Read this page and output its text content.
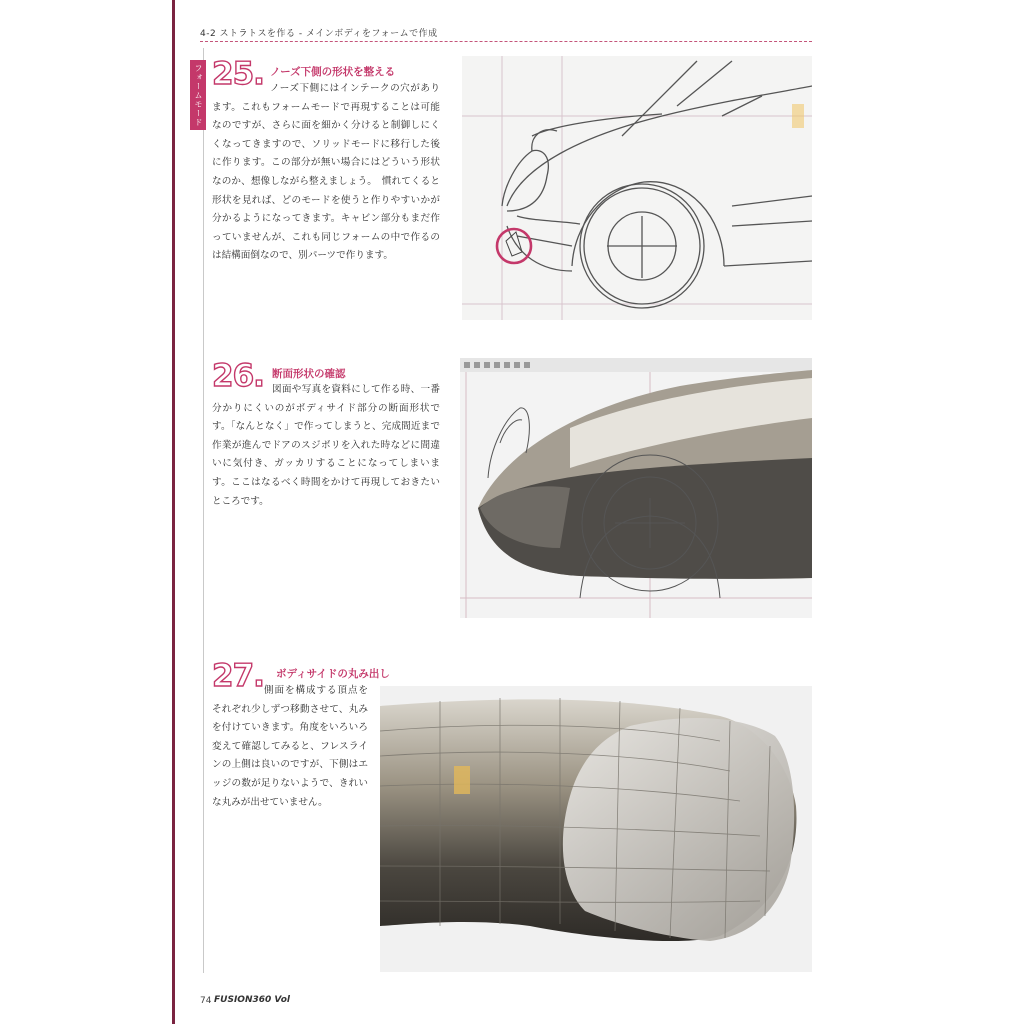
4-2 ストラトスを作る - メインボディをフォームで作成
フォームモード 25. ノーズ下側の形状を整える
ノーズ下側にはインテークの穴があります。これもフォームモードで再現することは可能なのですが、さらに面を細かく分けると制御しにくくなってきますので、ソリッドモードに移行した後に作ります。この部分が無い場合にはどういう形状なのか、想像しながら整えましょう。　慣れてくると形状を見れば、どのモードを使うと作りやすいかが分かるようになってきます。キャビン部分もまだ作っていませんが、これも同じフォームの中で作るのは結構面倒なので、別パーツで作ります。
26. 断面形状の確認
図面や写真を資料にして作る時、一番分かりにくいのがボディサイド部分の断面形状です。「なんとなく」で作ってしまうと、完成間近まで作業が進んでドアのスジボリを入れた時などに間違いに気付き、ガッカリすることになってしまいます。ここはなるべく時間をかけて再現しておきたいところです。
27. ボディサイドの丸み出し
側面を構成する頂点をそれぞれ少しずつ移動させて、丸みを付けていきます。角度をいろいろ変えて確認してみると、フレスラインの上側は良いのですが、下側はエッジの数が足りないようで、きれいな丸みが出せていません。
74 FUSION360 Vol
